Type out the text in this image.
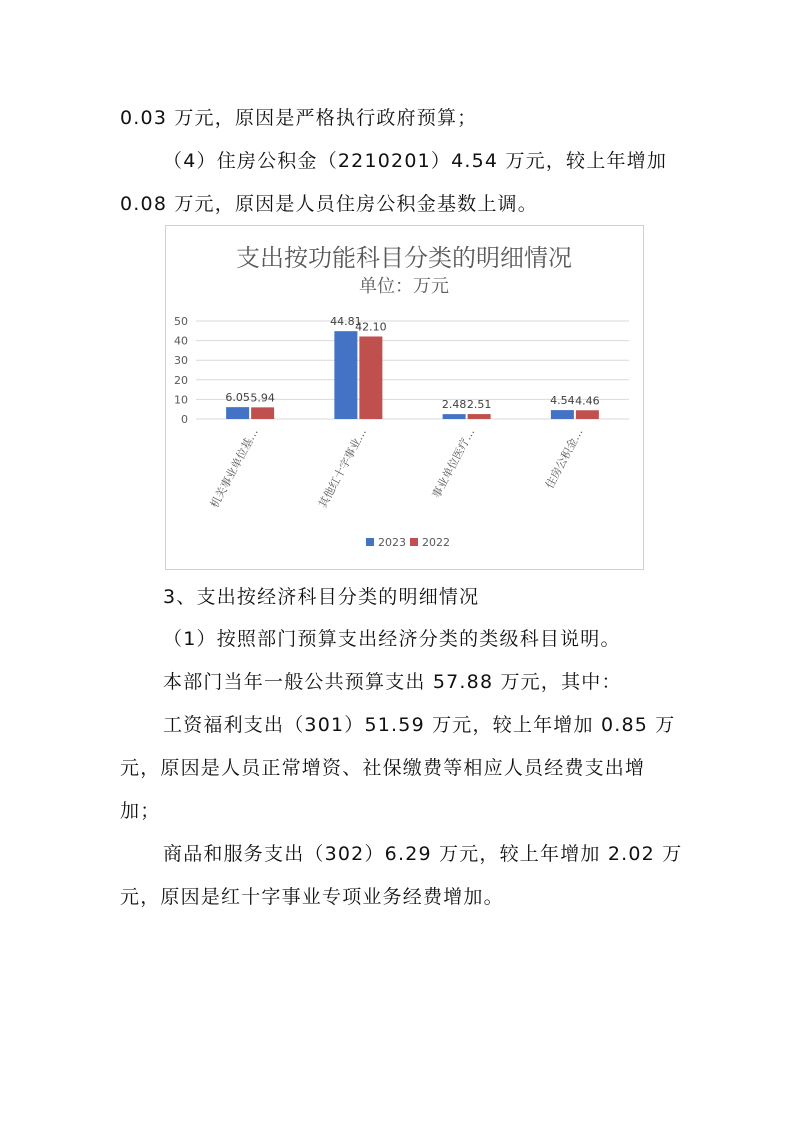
0.03 万元，原因是严格执行政府预算；
（4）住房公积金（2210201）4.54 万元，较上年增加
0.08 万元，原因是人员住房公积金基数上调。
支出按功能科目分类的明细情况
单位：万元
6.05 5.94
44.81
42.10
2.48 2.51	4.54 4.46
0
10
20
30
40
50
机关事业单位基…	其他红十字事业…	事业单位医疗…	住房公积金…
2023 2022
3、支出按经济科目分类的明细情况
（1）按照部门预算支出经济分类的类级科目说明。
本部门当年一般公共预算支出 57.88 万元，其中：
工资福利支出（301）51.59 万元，较上年增加 0.85 万
元，原因是人员正常增资、社保缴费等相应人员经费支出增
加；
商品和服务支出（302）6.29 万元，较上年增加 2.02 万
元，原因是红十字事业专项业务经费增加。
